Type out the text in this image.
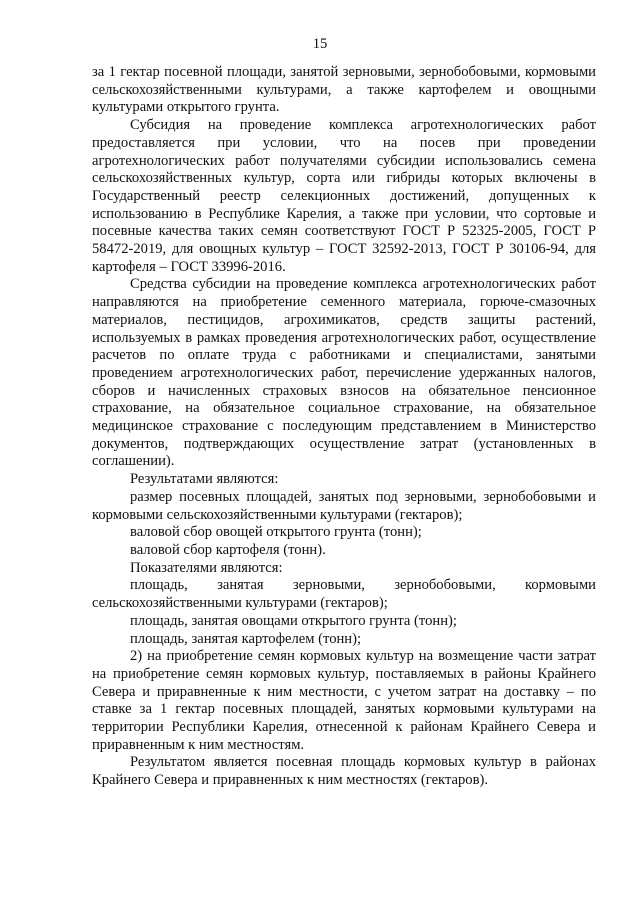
15

за 1 гектар посевной площади, занятой зерновыми, зернобобовыми, кормовыми сельскохозяйственными культурами, а также картофелем и овощными культурами открытого грунта.

Субсидия на проведение комплекса агротехнологических работ предоставляется при условии, что на посев при проведении агротехнологических работ получателями субсидии использовались семена сельскохозяйственных культур, сорта или гибриды которых включены в Государственный реестр селекционных достижений, допущенных к использованию в Республике Карелия, а также при условии, что сортовые и посевные качества таких семян соответствуют ГОСТ Р 52325-2005, ГОСТ Р 58472-2019, для овощных культур – ГОСТ 32592-2013, ГОСТ Р 30106-94, для картофеля – ГОСТ 33996-2016.

Средства субсидии на проведение комплекса агротехнологических работ направляются на приобретение семенного материала, горюче-смазочных материалов, пестицидов, агрохимикатов, средств защиты растений, используемых в рамках проведения агротехнологических работ, осуществление расчетов по оплате труда с работниками и специалистами, занятыми проведением агротехнологических работ, перечисление удержанных налогов, сборов и начисленных страховых взносов на обязательное пенсионное страхование, на обязательное социальное страхование, на обязательное медицинское страхование с последующим представлением в Министерство документов, подтверждающих осуществление затрат (установленных в соглашении).

Результатами являются:

размер посевных площадей, занятых под зерновыми, зернобобовыми и кормовыми сельскохозяйственными культурами (гектаров);

валовой сбор овощей открытого грунта (тонн);

валовой сбор картофеля (тонн).

Показателями являются:

площадь, занятая зерновыми, зернобобовыми, кормовыми сельскохозяйственными культурами (гектаров);

площадь, занятая овощами открытого грунта (тонн);

площадь, занятая картофелем (тонн);

2) на приобретение семян кормовых культур на возмещение части затрат на приобретение семян кормовых культур, поставляемых в районы Крайнего Севера и приравненные к ним местности, с учетом затрат на доставку – по ставке за 1 гектар посевных площадей, занятых кормовыми культурами на территории Республики Карелия, отнесенной к районам Крайнего Севера и приравненным к ним местностям.

Результатом является посевная площадь кормовых культур в районах Крайнего Севера и приравненных к ним местностях (гектаров).
